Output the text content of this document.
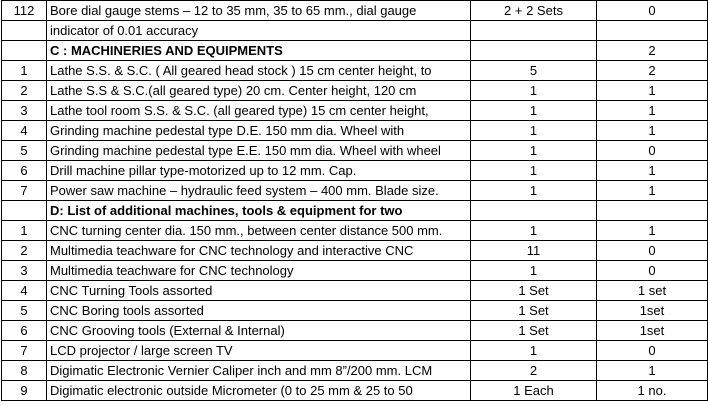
112	Bore dial gauge stems – 12 to 35 mm, 35 to 65 mm., dial gauge	2 + 2 Sets	0
	indicator of 0.01 accuracy		
	C : MACHINERIES AND EQUIPMENTS		2
1	Lathe S.S. & S.C. ( All geared head stock ) 15 cm center height, to	5	2
2	Lathe S.S & S.C.(all geared type) 20 cm. Center height, 120 cm	1	1
3	Lathe tool room S.S. & S.C. (all geared type) 15 cm center height,	1	1
4	Grinding machine pedestal type D.E. 150 mm dia. Wheel with	1	1
5	Grinding machine pedestal type E.E. 150 mm dia. Wheel with wheel	1	0
6	Drill machine pillar type-motorized up to 12 mm. Cap.	1	1
7	Power saw machine – hydraulic feed system – 400 mm. Blade size.	1	1
	D: List of additional machines, tools & equipment for two		
1	CNC turning center dia. 150 mm., between center distance 500 mm.	1	1
2	Multimedia teachware for CNC technology and interactive CNC	11	0
3	Multimedia teachware for CNC technology	1	0
4	CNC Turning Tools assorted	1 Set	1 set
5	CNC Boring tools assorted	1 Set	1set
6	CNC Grooving tools (External & Internal)	1 Set	1set
7	LCD projector / large screen TV	1	0
8	Digimatic Electronic Vernier Caliper inch and mm 8”/200 mm. LCM	2	1
9	Digimatic electronic outside Micrometer (0 to 25 mm & 25 to 50	1 Each	1 no.
